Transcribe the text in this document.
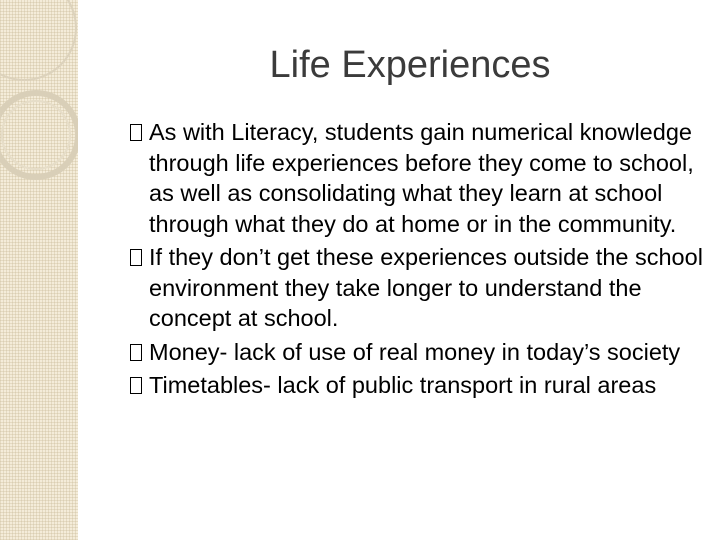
Life Experiences
As with Literacy, students gain numerical knowledge through life experiences before they come to school, as well as consolidating what they learn at school through what they do at home or in the community.
If they don’t get these experiences outside the school environment they take longer to understand the concept at school.
Money- lack of use of real money in today’s society
Timetables- lack of public transport in rural areas
